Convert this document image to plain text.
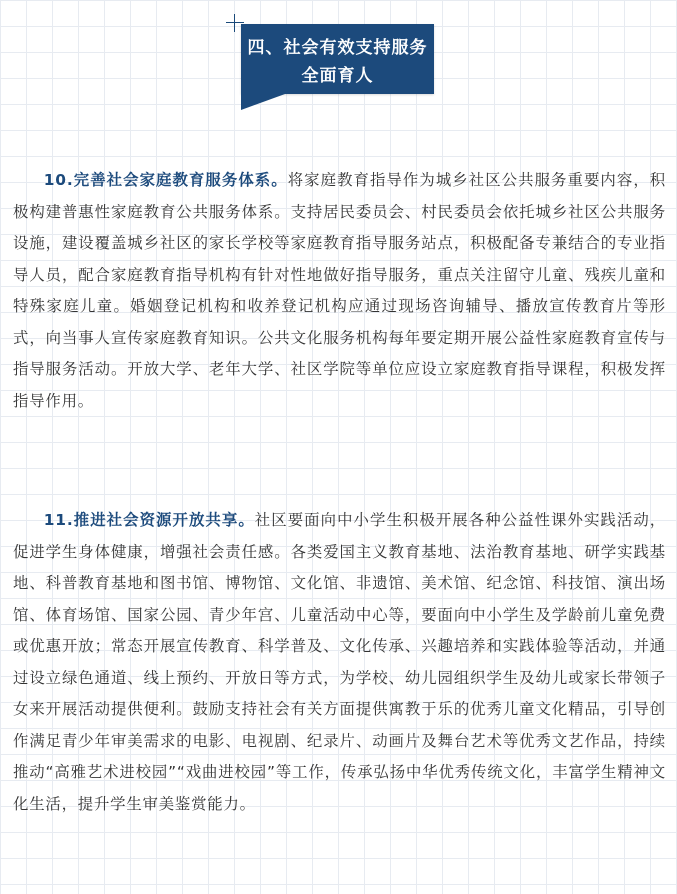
四、社会有效支持服务
全面育人

10.完善社会家庭教育服务体系。将家庭教育指导作为城乡社区公共服务重要内容，积极构建普惠性家庭教育公共服务体系。支持居民委员会、村民委员会依托城乡社区公共服务设施，建设覆盖城乡社区的家长学校等家庭教育指导服务站点，积极配备专兼结合的专业指导人员，配合家庭教育指导机构有针对性地做好指导服务，重点关注留守儿童、残疾儿童和特殊家庭儿童。婚姻登记机构和收养登记机构应通过现场咨询辅导、播放宣传教育片等形式，向当事人宣传家庭教育知识。公共文化服务机构每年要定期开展公益性家庭教育宣传与指导服务活动。开放大学、老年大学、社区学院等单位应设立家庭教育指导课程，积极发挥指导作用。

11.推进社会资源开放共享。社区要面向中小学生积极开展各种公益性课外实践活动，促进学生身体健康，增强社会责任感。各类爱国主义教育基地、法治教育基地、研学实践基地、科普教育基地和图书馆、博物馆、文化馆、非遗馆、美术馆、纪念馆、科技馆、演出场馆、体育场馆、国家公园、青少年宫、儿童活动中心等，要面向中小学生及学龄前儿童免费或优惠开放；常态开展宣传教育、科学普及、文化传承、兴趣培养和实践体验等活动，并通过设立绿色通道、线上预约、开放日等方式，为学校、幼儿园组织学生及幼儿或家长带领子女来开展活动提供便利。鼓励支持社会有关方面提供寓教于乐的优秀儿童文化精品，引导创作满足青少年审美需求的电影、电视剧、纪录片、动画片及舞台艺术等优秀文艺作品，持续推动“高雅艺术进校园”“戏曲进校园”等工作，传承弘扬中华优秀传统文化，丰富学生精神文化生活，提升学生审美鉴赏能力。
